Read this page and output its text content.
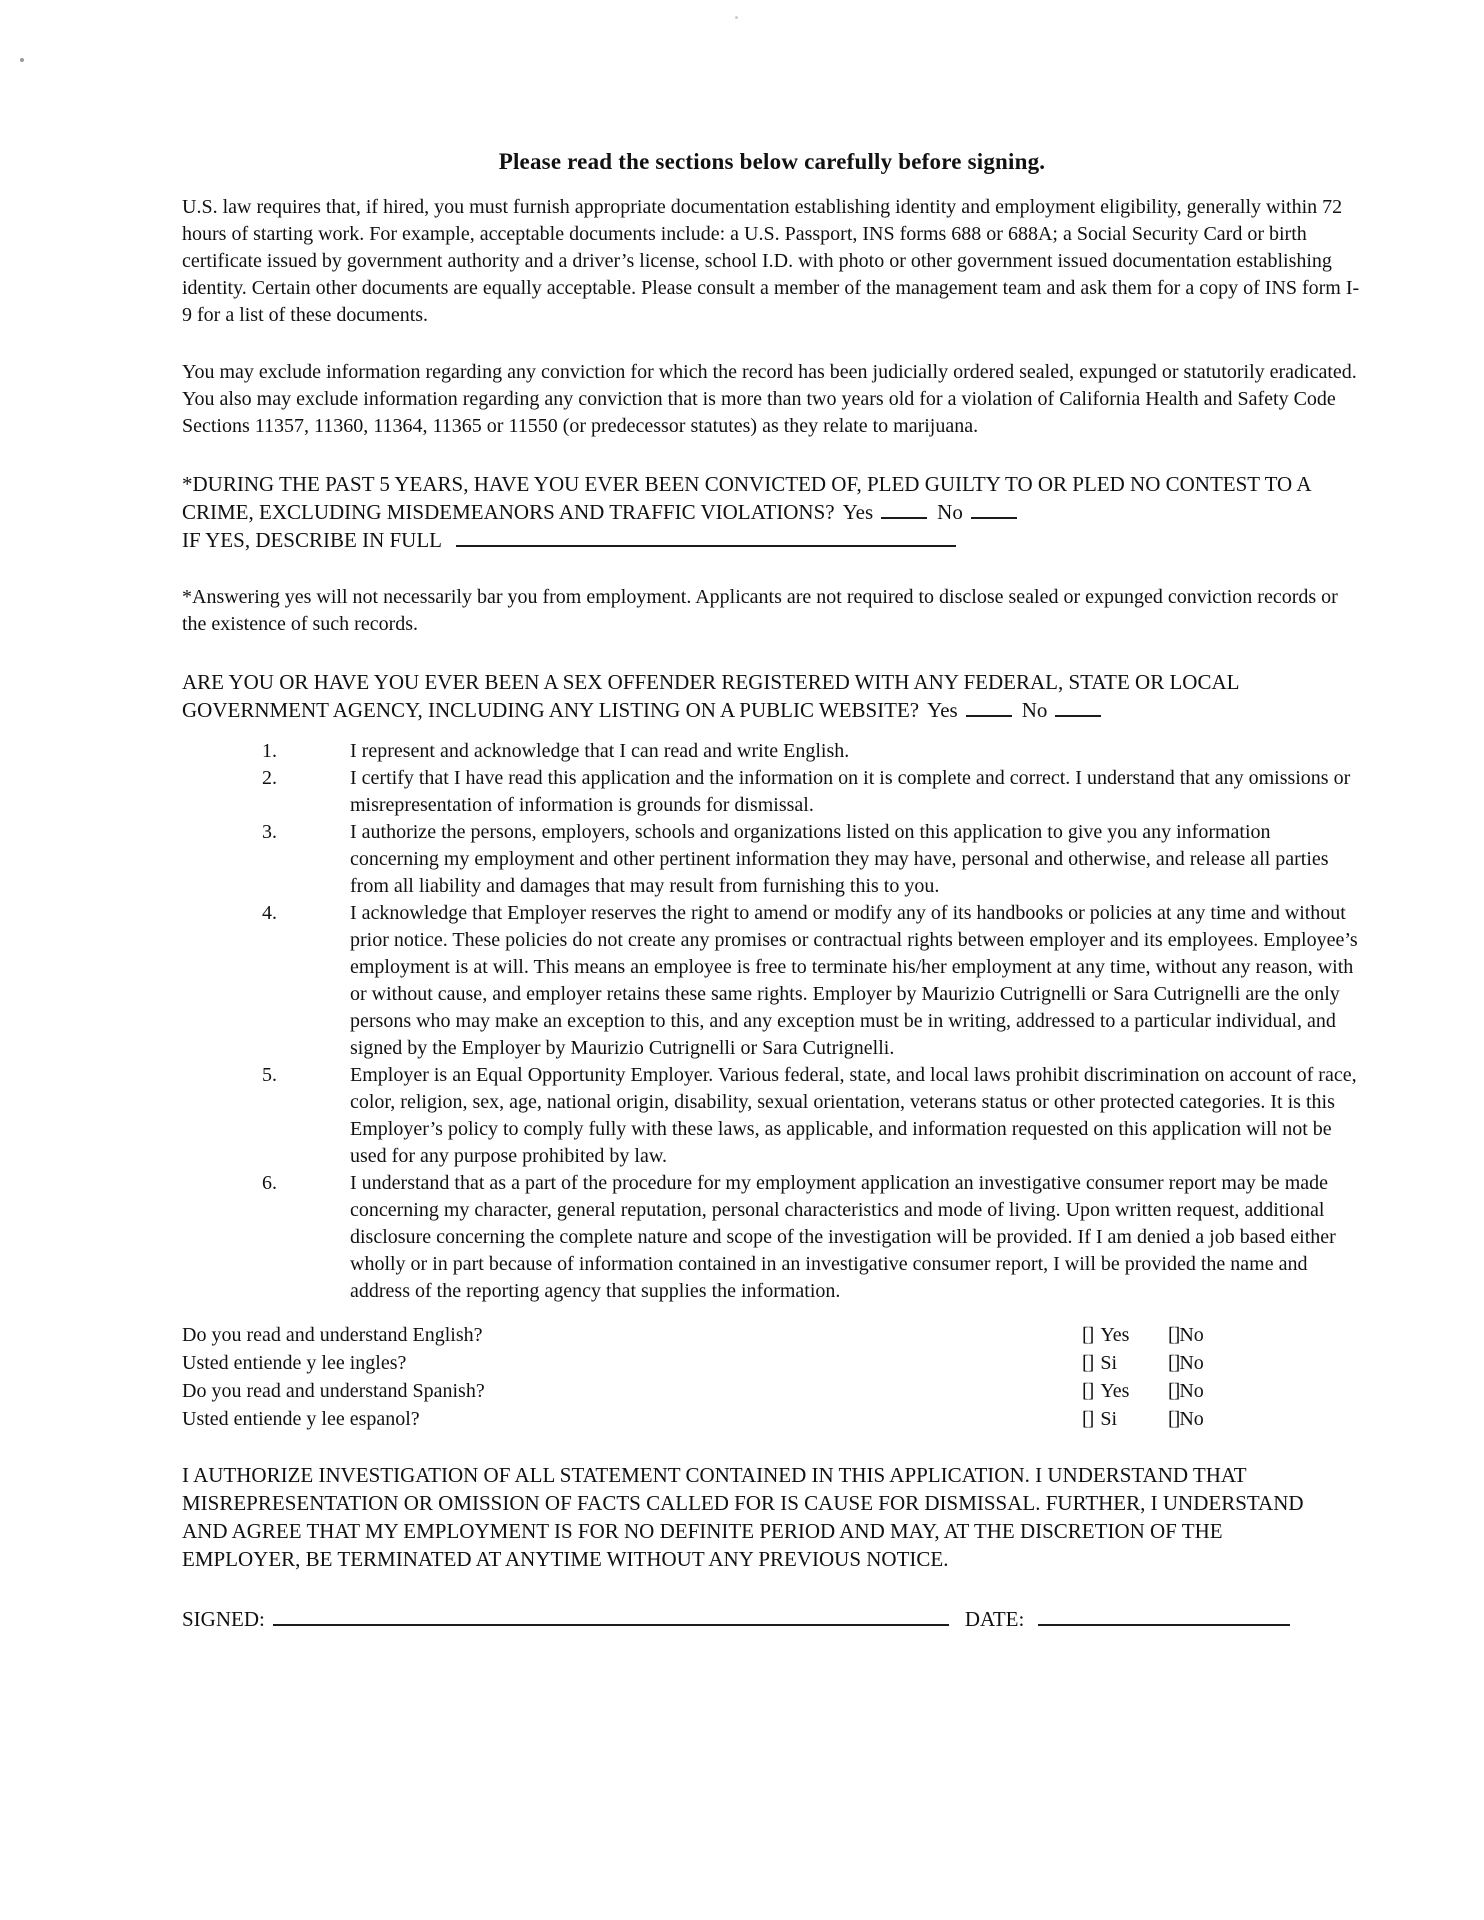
Please read the sections below carefully before signing.
U.S. law requires that, if hired, you must furnish appropriate documentation establishing identity and employment eligibility, generally within 72 hours of starting work. For example, acceptable documents include: a U.S. Passport, INS forms 688 or 688A; a Social Security Card or birth certificate issued by government authority and a driver’s license, school I.D. with photo or other government issued documentation establishing identity. Certain other documents are equally acceptable. Please consult a member of the management team and ask them for a copy of INS form I-9 for a list of these documents.
You may exclude information regarding any conviction for which the record has been judicially ordered sealed, expunged or statutorily eradicated. You also may exclude information regarding any conviction that is more than two years old for a violation of California Health and Safety Code Sections 11357, 11360, 11364, 11365 or 11550 (or predecessor statutes) as they relate to marijuana.
*DURING THE PAST 5 YEARS, HAVE YOU EVER BEEN CONVICTED OF, PLED GUILTY TO OR PLED NO CONTEST TO A CRIME, EXCLUDING MISDEMEANORS AND TRAFFIC VIOLATIONS? Yes	No
IF YES, DESCRIBE IN FULL
*Answering yes will not necessarily bar you from employment. Applicants are not required to disclose sealed or expunged conviction records or the existence of such records.
ARE YOU OR HAVE YOU EVER BEEN A SEX OFFENDER REGISTERED WITH ANY FEDERAL, STATE OR LOCAL GOVERNMENT AGENCY, INCLUDING ANY LISTING ON A PUBLIC WEBSITE? Yes	No
1.	I represent and acknowledge that I can read and write English.
2.	I certify that I have read this application and the information on it is complete and correct. I understand that any omissions or misrepresentation of information is grounds for dismissal.
3.	I authorize the persons, employers, schools and organizations listed on this application to give you any information concerning my employment and other pertinent information they may have, personal and otherwise, and release all parties from all liability and damages that may result from furnishing this to you.
4.	I acknowledge that Employer reserves the right to amend or modify any of its handbooks or policies at any time and without prior notice. These policies do not create any promises or contractual rights between employer and its employees. Employee’s employment is at will. This means an employee is free to terminate his/her employment at any time, without any reason, with or without cause, and employer retains these same rights. Employer by Maurizio Cutrignelli or Sara Cutrignelli are the only persons who may make an exception to this, and any exception must be in writing, addressed to a particular individual, and signed by the Employer by Maurizio Cutrignelli or Sara Cutrignelli.
5.	Employer is an Equal Opportunity Employer. Various federal, state, and local laws prohibit discrimination on account of race, color, religion, sex, age, national origin, disability, sexual orientation, veterans status or other protected categories. It is this Employer’s policy to comply fully with these laws, as applicable, and information requested on this application will not be used for any purpose prohibited by law.
6.	I understand that as a part of the procedure for my employment application an investigative consumer report may be made concerning my character, general reputation, personal characteristics and mode of living. Upon written request, additional disclosure concerning the complete nature and scope of the investigation will be provided. If I am denied a job based either wholly or in part because of information contained in an investigative consumer report, I will be provided the name and address of the reporting agency that supplies the information.
Do you read and understand English?	[] Yes	[]No
Usted entiende y lee ingles?	[] Si	[]No
Do you read and understand Spanish?	[] Yes	[]No
Usted entiende y lee espanol?	[] Si	[]No
I AUTHORIZE INVESTIGATION OF ALL STATEMENT CONTAINED IN THIS APPLICATION. I UNDERSTAND THAT MISREPRESENTATION OR OMISSION OF FACTS CALLED FOR IS CAUSE FOR DISMISSAL. FURTHER, I UNDERSTAND AND AGREE THAT MY EMPLOYMENT IS FOR NO DEFINITE PERIOD AND MAY, AT THE DISCRETION OF THE EMPLOYER, BE TERMINATED AT ANYTIME WITHOUT ANY PREVIOUS NOTICE.
SIGNED:	DATE:
